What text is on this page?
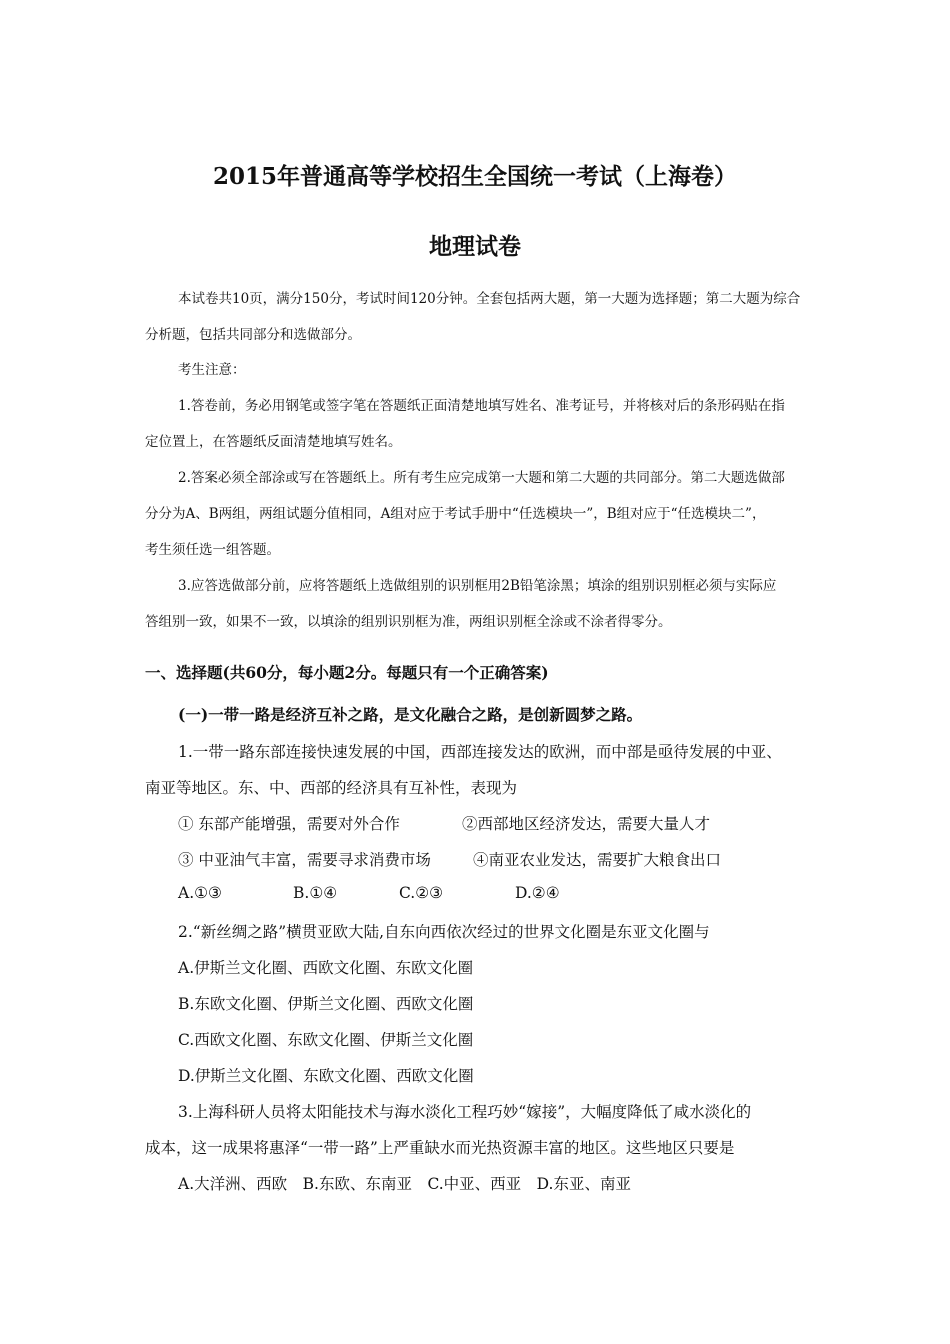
2015年普通高等学校招生全国统一考试（上海卷）
地理试卷
本试卷共10页，满分150分，考试时间120分钟。全套包括两大题，第一大题为选择题；第二大题为综合
分析题，包括共同部分和选做部分。
考生注意：
1.答卷前，务必用钢笔或签字笔在答题纸正面清楚地填写姓名、准考证号，并将核对后的条形码贴在指
定位置上，在答题纸反面清楚地填写姓名。
2.答案必须全部涂或写在答题纸上。所有考生应完成第一大题和第二大题的共同部分。第二大题选做部
分分为A、B两组，两组试题分值相同，A组对应于考试手册中“任选模块一”，B组对应于“任选模块二”，
考生须任选一组答题。
3.应答选做部分前，应将答题纸上选做组别的识别框用2B铅笔涂黑；填涂的组别识别框必须与实际应
答组别一致，如果不一致，以填涂的组别识别框为准，两组识别框全涂或不涂者得零分。
一、选择题(共60分，每小题2分。每题只有一个正确答案)
(一)一带一路是经济互补之路，是文化融合之路，是创新圆梦之路。
1.一带一路东部连接快速发展的中国，西部连接发达的欧洲，而中部是亟待发展的中亚、
南亚等地区。东、中、西部的经济具有互补性，表现为
① 东部产能增强，需要对外合作	②西部地区经济发达，需要大量人才
③ 中亚油气丰富，需要寻求消费市场	④南亚农业发达，需要扩大粮食出口
A.①③	B.①④	C.②③	D.②④
2.“新丝绸之路”横贯亚欧大陆,自东向西依次经过的世界文化圈是东亚文化圈与
A.伊斯兰文化圈、西欧文化圈、东欧文化圈
B.东欧文化圈、伊斯兰文化圈、西欧文化圈
C.西欧文化圈、东欧文化圈、伊斯兰文化圈
D.伊斯兰文化圈、东欧文化圈、西欧文化圈
3.上海科研人员将太阳能技术与海水淡化工程巧妙“嫁接”，大幅度降低了咸水淡化的
成本，这一成果将惠泽“一带一路”上严重缺水而光热资源丰富的地区。这些地区只要是
A.大洋洲、西欧　B.东欧、东南亚　C.中亚、西亚　D.东亚、南亚
